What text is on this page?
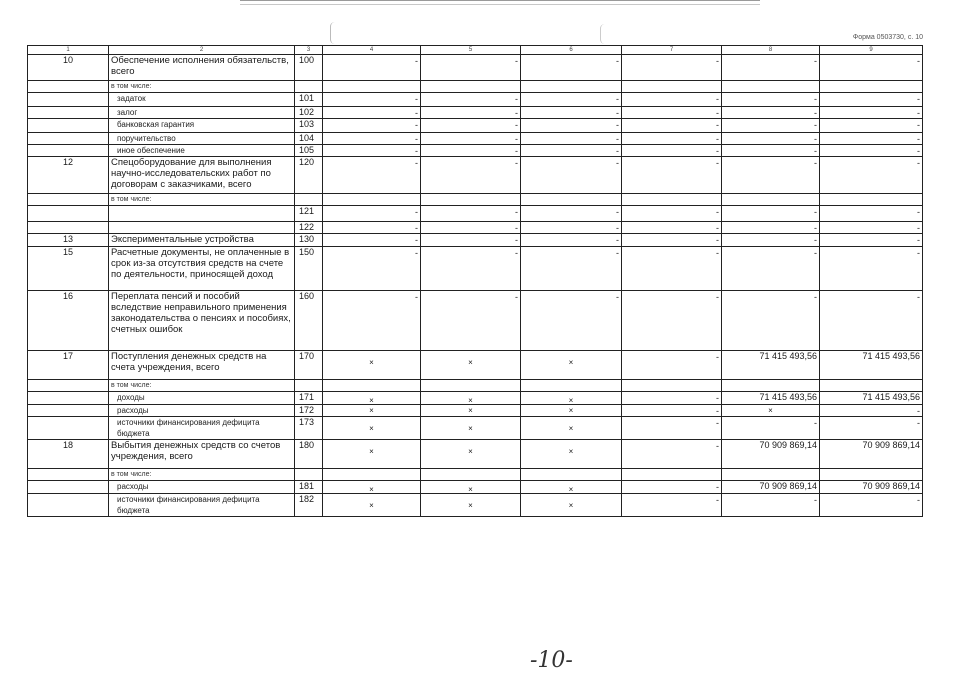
Форма 0503730, с. 10
1	2	3	4	5	6	7	8	9
10	Обеспечение исполнения обязательств, всего	100	-	-	-	-	-	-

	в том числе:		

	задаток	101	-	-	-	-	-	-

	залог	102	-	-	-	-	-	-

	банковская гарантия	103	-	-	-	-	-	-

	поручительство	104	-	-	-	-	-	-

	иное обеспечение	105	-	-	-	-	-	-

12	Спецоборудование для выполнения научно-исследовательских работ по договорам с заказчиками, всего	120	-	-	-	-	-	-

	в том числе:		

		121	-	-	-	-	-	-

		122	-	-	-	-	-	-

13	Экспериментальные устройства	130	-	-	-	-	-	-

15	Расчетные документы, не оплаченные в срок из-за отсутствия средств на счете по деятельности, приносящей доход	150	-	-	-	-	-	-

16	Переплата пенсий и пособий вследствие неправильного применения законодательства о пенсиях и пособиях, счетных ошибок	160	-	-	-	-	-	-

17	Поступления денежных средств на счета учреждения, всего	170	×	×	×	-	71 415 493,56	71 415 493,56

	в том числе:		

	доходы	171	×	×	×	-	71 415 493,56	71 415 493,56

	расходы	172	×	×	×	-	×	-

	источники финансирования дефицита бюджета	173	×	×	×	-	-	-

18	Выбытия денежных средств со счетов учреждения, всего	180	×	×	×	-	70 909 869,14	70 909 869,14

	в том числе:		

	расходы	181	×	×	×	-	70 909 869,14	70 909 869,14

	источники финансирования дефицита бюджета	182	×	×	×	-	-	-
-10-
